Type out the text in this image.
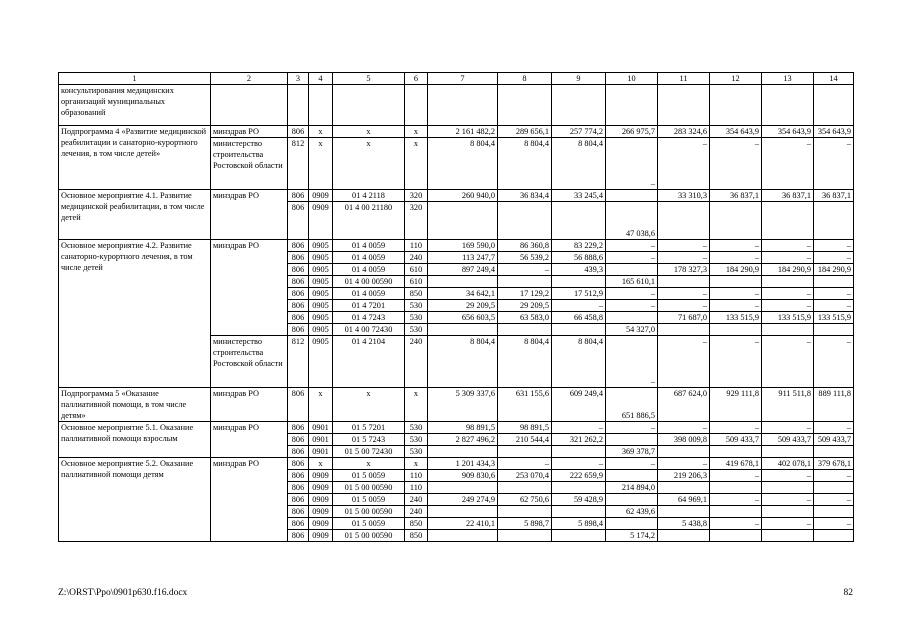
1	2	3	4	5	6	7	8	9	10	11	12	13	14
консультирования медицинских организаций муниципальных образований													
Подпрограмма 4 «Развитие медицинской реабилитации и санаторно-курортного лечения, в том числе детей»	минздрав РО	806	x	x	x	2 161 482,2	289 656,1	257 774,2	266 975,7	283 324,6	354 643,9	354 643,9	354 643,9
	министерство строительства Ростовской области	812	x	x	x	8 804,4	8 804,4	8 804,4	–	–	–	–	–
Основное мероприятие 4.1. Развитие медицинской реабилитации, в том числе детей	минздрав РО	806	0909	01 4 2118	320	260 940,0	36 834,4	33 245,4		33 310,3	36 837,1	36 837,1	36 837,1
		806	0909	01 4 00 21180	320				47 038,6				
Основное мероприятие 4.2. Развитие санаторно-курортного лечения, в том числе детей	минздрав РО	806	0905	01 4 0059	110	169 590,0	86 360,8	83 229,2	–	–	–	–	–
		806	0905	01 4 0059	240	113 247,7	56 539,2	56 888,6	–	–	–	–	–
		806	0905	01 4 0059	610	897 249,4	–	439,3		178 327,3	184 290,9	184 290,9	184 290,9
		806	0905	01 4 00 00590	610				165 610,1				
		806	0905	01 4 0059	850	34 642,1	17 129,2	17 512,9	–	–	–	–	–
		806	0905	01 4 7201	530	29 209,5	29 209,5	–	–	–	–	–	–
		806	0905	01 4 7243	530	656 603,5	63 583,0	66 458,8		71 687,0	133 515,9	133 515,9	133 515,9
		806	0905	01 4 00 72430	530				54 327,0				
	министерство строительства Ростовской области	812	0905	01 4 2104	240	8 804,4	8 804,4	8 804,4	–	–	–	–	–
Подпрограмма 5 «Оказание паллиативной помощи, в том числе детям»	минздрав РО	806	x	x	x	5 309 337,6	631 155,6	609 249,4	651 886,5	687 624,0	929 111,8	911 511,8	889 111,8
Основное мероприятие 5.1. Оказание паллиативной помощи взрослым	минздрав РО	806	0901	01 5 7201	530	98 891,5	98 891,5	–	–	–	–	–	–
		806	0901	01 5 7243	530	2 827 496,2	210 544,4	321 262,2		398 009,8	509 433,7	509 433,7	509 433,7
		806	0901	01 5 00 72430	530				369 378,7				
Основное мероприятие 5.2. Оказание паллиативной помощи детям	минздрав РО	806	x	x	x	1 201 434,3	–	–	–	–	419 678,1	402 078,1	379 678,1
		806	0909	01 5 0059	110	909 830,6	253 070,4	222 659,9		219 206,3	–	–	–
		806	0909	01 5 00 00590	110				214 894,0				
		806	0909	01 5 0059	240	249 274,9	62 750,6	59 428,9		64 969,1	–	–	–
		806	0909	01 5 00 00590	240				62 439,6				
		806	0909	01 5 0059	850	22 410,1	5 898,7	5 898,4		5 438,8	–	–	–
		806	0909	01 5 00 00590	850				5 174,2				
Z:\ORST\Ppo\0901p630.f16.docx	82
